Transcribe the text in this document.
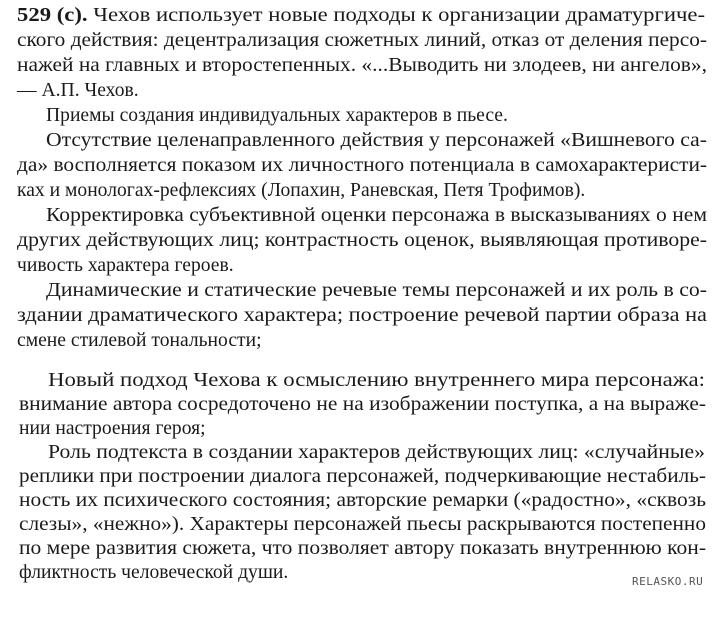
529 (с). Чехов использует новые подходы к организации драматургиче-

ского действия: децентрализация сюжетных линий, отказ от деления персо-

нажей на главных и второстепенных. «...Выводить ни злодеев, ни ангелов»,

— А.П. Чехов.

Приемы создания индивидуальных характеров в пьесе.

Отсутствие целенаправленного действия у персонажей «Вишневого са-

да» восполняется показом их личностного потенциала в самохарактеристи-

ках и монологах-рефлексиях (Лопахин, Раневская, Петя Трофимов).

Корректировка субъективной оценки персонажа в высказываниях о нем

других действующих лиц; контрастность оценок, выявляющая противоре-

чивость характера героев.

Динамические и статические речевые темы персонажей и их роль в со-

здании драматического характера; построение речевой партии образа на

смене стилевой тональности;

Новый подход Чехова к осмыслению внутреннего мира персонажа:

внимание автора сосредоточено не на изображении поступка, а на выраже-

нии настроения героя;

Роль подтекста в создании характеров действующих лиц: «случайные»

реплики при построении диалога персонажей, подчеркивающие нестабиль-

ность их психического состояния; авторские ремарки («радостно», «сквозь

слезы», «нежно»). Характеры персонажей пьесы раскрываются постепенно

по мере развития сюжета, что позволяет автору показать внутреннюю кон-

фликтность человеческой души.

	RELASKO.RU
